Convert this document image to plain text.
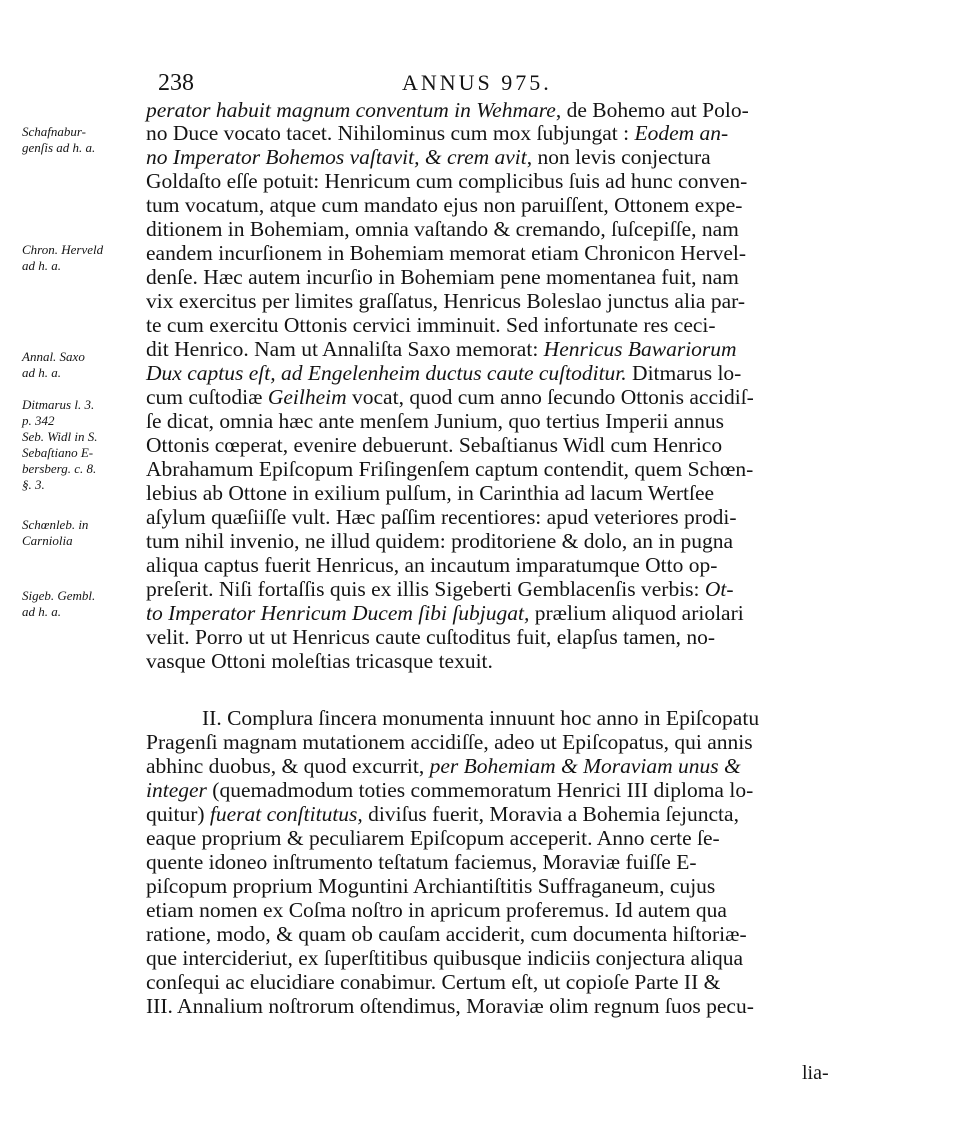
238	ANNUS 975.
perator habuit magnum conventum in Wehmare, de Bohemo aut Polo-
no Duce vocato tacet. Nihilominus cum mox ſubjungat : Eodem an-
no Imperator Bohemos vaſtavit, & crem avit, non levis conjectura
Goldaſto eſſe potuit: Henricum cum complicibus ſuis ad hunc conven-
tum vocatum, atque cum mandato ejus non paruiſſent, Ottonem expe-
ditionem in Bohemiam, omnia vaſtando & cremando, ſuſcepiſſe, nam
eandem incurſionem in Bohemiam memorat etiam Chronicon Hervel-
denſe. Hæc autem incurſio in Bohemiam pene momentanea fuit, nam
vix exercitus per limites graſſatus, Henricus Boleslao junctus alia par-
te cum exercitu Ottonis cervici imminuit. Sed infortunate res ceci-
dit Henrico. Nam ut Annaliſta Saxo memorat: Henricus Bawariorum
Dux captus eſt, ad Engelenheim ductus caute cuſtoditur. Ditmarus lo-
cum cuſtodiæ Geilheim vocat, quod cum anno ſecundo Ottonis accidiſ-
ſe dicat, omnia hæc ante menſem Junium, quo tertius Imperii annus
Ottonis cœperat, evenire debuerunt. Sebaſtianus Widl cum Henrico
Abrahamum Epiſcopum Friſingenſem captum contendit, quem Schœn-
lebius ab Ottone in exilium pulſum, in Carinthia ad lacum Wertſee
aſylum quæſiiſſe vult. Hæc paſſim recentiores: apud veteriores prodi-
tum nihil invenio, ne illud quidem: proditoriene & dolo, an in pugna
aliqua captus fuerit Henricus, an incautum imparatumque Otto op-
preſerit. Niſi fortaſſis quis ex illis Sigeberti Gemblacenſis verbis: Ot-
to Imperator Henricum Ducem ſibi ſubjugat, prælium aliquod ariolari
velit. Porro ut ut Henricus caute cuſtoditus fuit, elapſus tamen, no-
vasque Ottoni moleſtias tricasque texuit.
II. Complura ſincera monumenta innuunt hoc anno in Epiſcopatu
Pragenſi magnam mutationem accidiſſe, adeo ut Epiſcopatus, qui annis
abhinc duobus, & quod excurrit, per Bohemiam & Moraviam unus &
integer (quemadmodum toties commemoratum Henrici III diploma lo-
quitur) fuerat conſtitutus, diviſus fuerit, Moravia a Bohemia ſejuncta,
eaque proprium & peculiarem Epiſcopum acceperit. Anno certe ſe-
quente idoneo inſtrumento teſtatum faciemus, Moraviæ fuiſſe E-
piſcopum proprium Moguntini Archiantiſtitis Suffraganeum, cujus
etiam nomen ex Coſma noſtro in apricum proferemus. Id autem qua
ratione, modo, & quam ob cauſam acciderit, cum documenta hiſtoriæ-
que intercideriut, ex ſuperſtitibus quibusque indiciis conjectura aliqua
conſequi ac elucidiare conabimur. Certum eſt, ut copioſe Parte II &
III. Annalium noſtrorum oſtendimus, Moraviæ olim regnum ſuos pecu-
Schafnabur-
genſis ad h. a.
Chron. Herveld
ad h. a.
Annal. Saxo
ad h. a.
Ditmarus l. 3.
p. 342
Seb. Widl in S.
Sebaſtiano E-
bersberg. c. 8.
§. 3.
Schœnleb. in
Carniolia
Sigeb. Gembl.
ad h. a.
lia-
